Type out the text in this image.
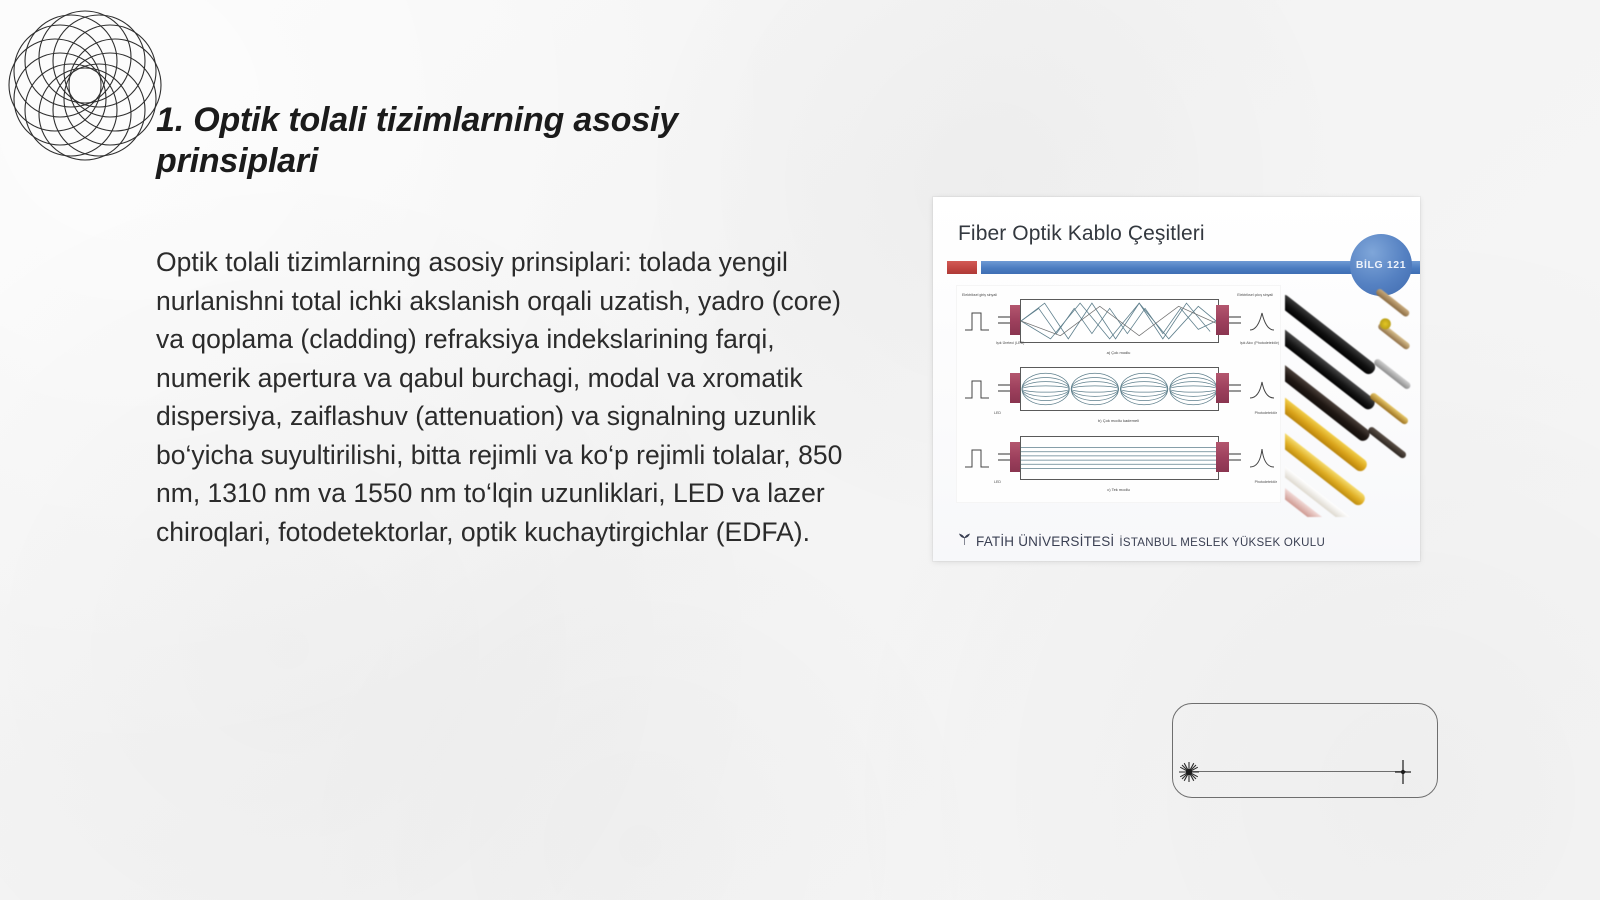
1. Optik tolali tizimlarning asosiy prinsiplari
Optik tolali tizimlarning asosiy prinsiplari: tolada yengil nurlanishni total ichki akslanish orqali uzatish, yadro (core) va qoplama (cladding) refraksiya indekslarining farqi, numerik apertura va qabul burchagi, modal va xromatik dispersiya, zaiflashuv (attenuation) va signalning uzunlik bo‘yicha suyultirilishi, bitta rejimli va ko‘p rejimli tolalar, 850 nm, 1310 nm va 1550 nm to‘lqin uzunliklari, LED va lazer chiroqlari, fotodetektorlar, optik kuchaytirgichlar (EDFA).
Fiber Optik Kablo Çeşitleri
BİLG 121
Elektriksel giriş sinyali
Işık Üreteci (LED)
Elektriksel çıkış sinyali
Işık Alıcı (Photodetektör)
a) Çok modlu
LED	Photodetektör
b) Çok modlu kademeli
LED	Photodetektör
c) Tek modlu
FATİH ÜNİVERSİTESİ İSTANBUL MESLEK YÜKSEK OKULU
